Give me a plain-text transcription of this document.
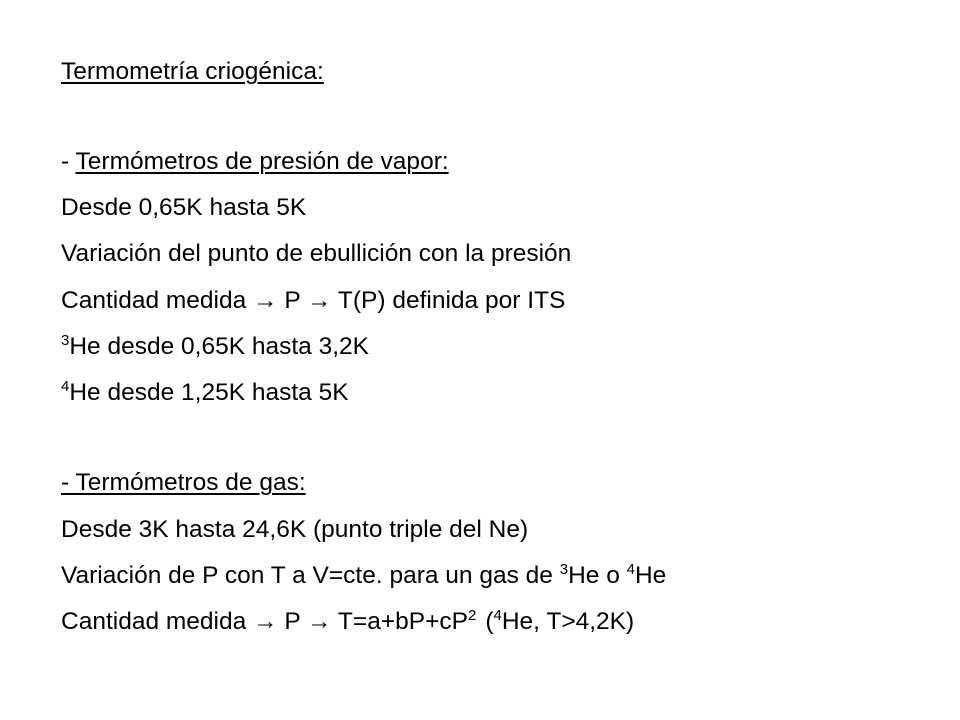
Termometría criogénica:
- Termómetros de presión de vapor:
Desde 0,65K hasta 5K
Variación del punto de ebullición con la presión
Cantidad medida → P → T(P) definida por ITS
$^3$He desde 0,65K hasta 3,2K
$^4$He desde 1,25K hasta 5K
- Termómetros de gas:
Desde 3K hasta 24,6K (punto triple del Ne)
Variación de P con T a V=cte. para un gas de $^3$He o $^4$He
Cantidad medida → $P \to T=a+bP+cP^2$ ($^4$He, T>4,2K)
